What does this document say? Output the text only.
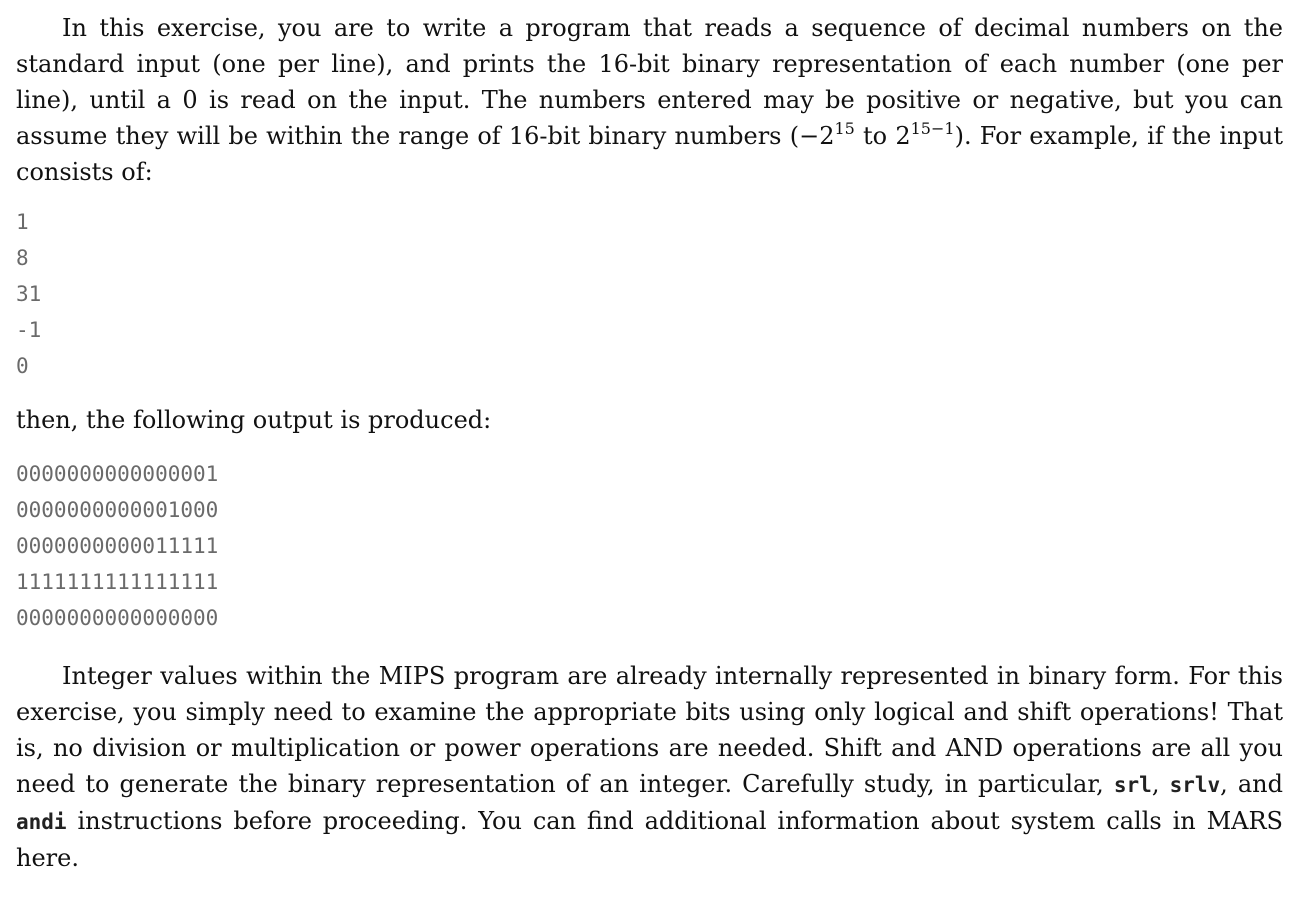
In this exercise, you are to write a program that reads a sequence of decimal numbers on the standard input (one per line), and prints the 16-bit binary representation of each number (one per line), until a 0 is read on the input. The numbers entered may be positive or negative, but you can assume they will be within the range of 16-bit binary numbers ($-2^{15}$ to $2^{15-1}$). For example, if the input consists of:

1
8
31
-1
0

then, the following output is produced:

0000000000000001
0000000000001000
0000000000011111
1111111111111111
0000000000000000

Integer values within the MIPS program are already internally represented in binary form. For this exercise, you simply need to examine the appropriate bits using only logical and shift operations! That is, no division or multiplication or power operations are needed. Shift and AND operations are all you need to generate the binary representation of an integer. Carefully study, in particular, srl, srlv, and andi instructions before proceeding. You can find additional information about system calls in MARS here.
